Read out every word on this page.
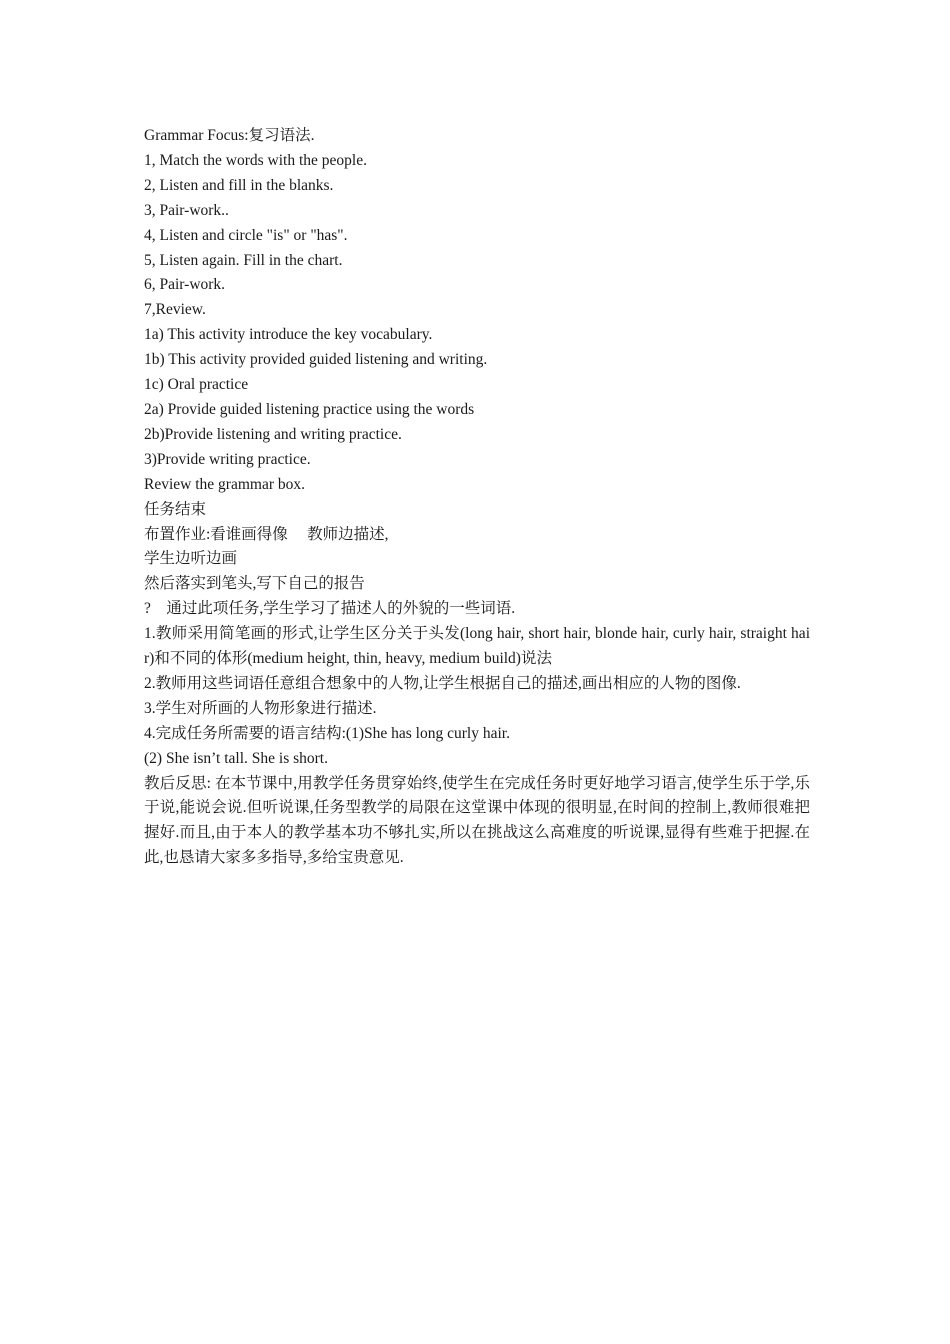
Grammar Focus:复习语法.

1, Match the words with the people.

2, Listen and fill in the blanks.

3, Pair-work..

4, Listen and circle "is" or "has".

5, Listen again. Fill in the chart.

6, Pair-work.

7,Review.

1a) This activity introduce the key vocabulary.

1b) This activity provided guided listening and writing.

1c) Oral practice

2a) Provide guided listening practice using the words

2b)Provide listening and writing practice.

3)Provide writing practice.

Review the grammar box.

任务结束

布置作业:看谁画得像　 教师边描述,

学生边听边画

然后落实到笔头,写下自己的报告

?　通过此项任务,学生学习了描述人的外貌的一些词语.

1.教师采用简笔画的形式,让学生区分关于头发(long hair, short hair, blonde hair, curly hair, straight hair)和不同的体形(medium height, thin, heavy, medium build)说法

2.教师用这些词语任意组合想象中的人物,让学生根据自己的描述,画出相应的人物的图像.

3.学生对所画的人物形象进行描述.

4.完成任务所需要的语言结构:(1)She has long curly hair.

(2) She isn’t tall. She is short.

教后反思: 在本节课中,用教学任务贯穿始终,使学生在完成任务时更好地学习语言,使学生乐于学,乐于说,能说会说.但听说课,任务型教学的局限在这堂课中体现的很明显,在时间的控制上,教师很难把握好.而且,由于本人的教学基本功不够扎实,所以在挑战这么高难度的听说课,显得有些难于把握.在此,也恳请大家多多指导,多给宝贵意见.
